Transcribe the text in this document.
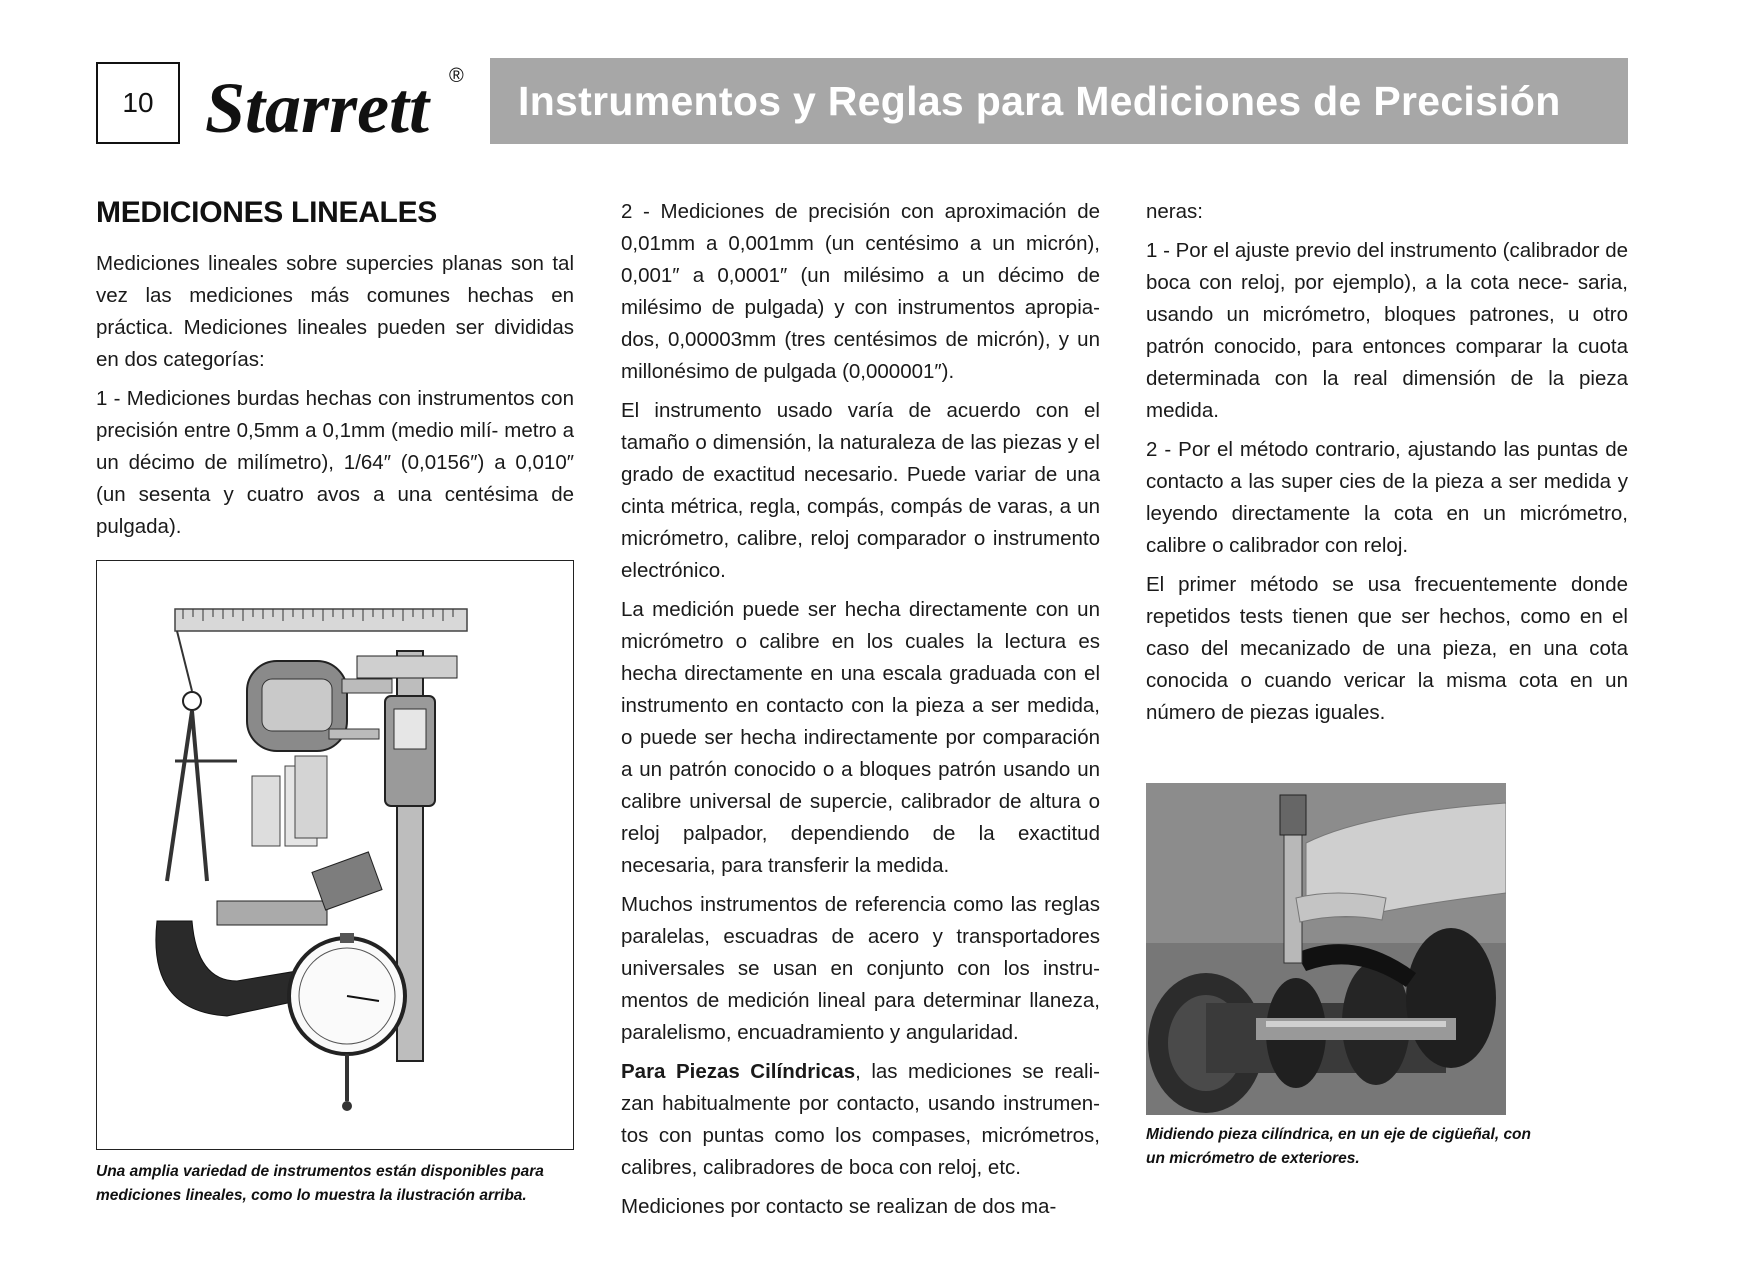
10 Starrett ®
Instrumentos y Reglas para Mediciones de Precisión
MEDICIONES LINEALES

Mediciones lineales sobre supercies planas son tal vez las mediciones más comunes hechas en práctica. Mediciones lineales pueden ser divididas en dos categorías:

1 - Mediciones burdas hechas con instrumentos con precisión entre 0,5mm a 0,1mm (medio milí- metro a un décimo de milímetro), 1/64″ (0,0156″) a 0,010″ (un sesenta y cuatro avos a una centésima de pulgada).

Una amplia variedad de instrumentos están disponibles para mediciones lineales, como lo muestra la ilustración arriba.

2 - Mediciones de precisión con aproximación de 0,01mm a 0,001mm (un centésimo a un micrón), 0,001″ a 0,0001″ (un milésimo a un décimo de milésimo de pulgada) y con instrumentos apropia- dos, 0,00003mm (tres centésimos de micrón), y un millonésimo de pulgada (0,000001″).

El instrumento usado varía de acuerdo con el tamaño o dimensión, la naturaleza de las piezas y el grado de exactitud necesario. Puede variar de una cinta métrica, regla, compás, compás de varas, a un micrómetro, calibre, reloj comparador o instrumento electrónico.

La medición puede ser hecha directamente con un micrómetro o calibre en los cuales la lectura es hecha directamente en una escala graduada con el instrumento en contacto con la pieza a ser medida, o puede ser hecha indirectamente por comparación a un patrón conocido o a bloques patrón usando un calibre universal de supercie, calibrador de altura o reloj palpador, dependiendo de la exactitud necesaria, para transferir la medida.

Muchos instrumentos de referencia como las reglas paralelas, escuadras de acero y transportadores universales se usan en conjunto con los instru- mentos de medición lineal para determinar llaneza, paralelismo, encuadramiento y angularidad.

Para Piezas Cilíndricas, las mediciones se reali- zan habitualmente por contacto, usando instrumen- tos con puntas como los compases, micrómetros, calibres, calibradores de boca con reloj, etc.

Mediciones por contacto se realizan de dos ma-

neras:

1 - Por el ajuste previo del instrumento (calibrador de boca con reloj, por ejemplo), a la cota nece- saria, usando un micrómetro, bloques patrones, u otro patrón conocido, para entonces comparar la cuota determinada con la real dimensión de la pieza medida.

2 - Por el método contrario, ajustando las puntas de contacto a las super cies de la pieza a ser medida y leyendo directamente la cota en un micrómetro, calibre o calibrador con reloj.

El primer método se usa frecuentemente donde repetidos tests tienen que ser hechos, como en el caso del mecanizado de una pieza, en una cota conocida o cuando vericar la misma cota en un número de piezas iguales.

Midiendo pieza cilíndrica, en un eje de cigüeñal, con un micrómetro de exteriores.
